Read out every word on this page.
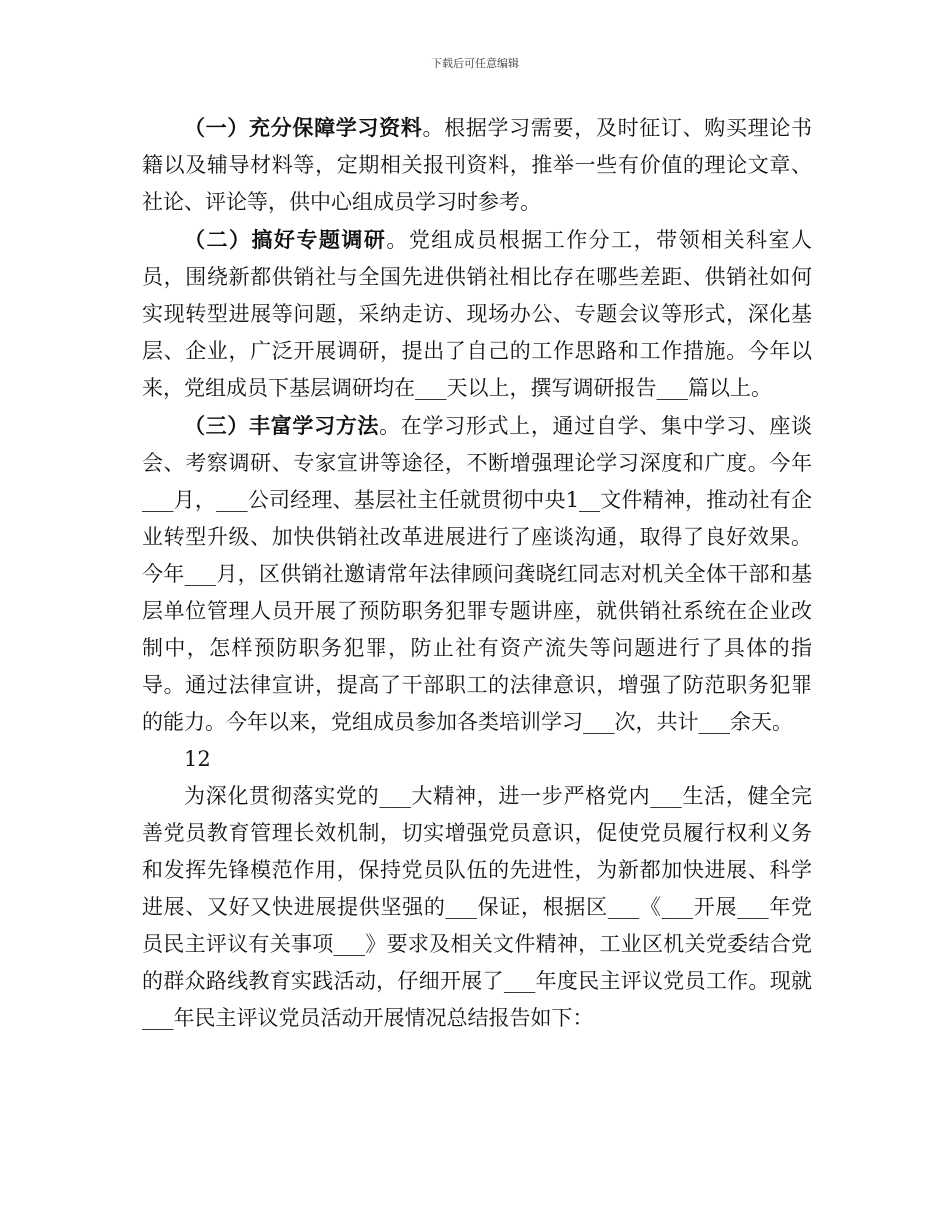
下载后可任意编辑

（一）充分保障学习资料。根据学习需要，及时征订、购买理论书籍以及辅导材料等，定期相关报刊资料，推举一些有价值的理论文章、社论、评论等，供中心组成员学习时参考。

（二）搞好专题调研。党组成员根据工作分工，带领相关科室人员，围绕新都供销社与全国先进供销社相比存在哪些差距、供销社如何实现转型进展等问题，采纳走访、现场办公、专题会议等形式，深化基层、企业，广泛开展调研，提出了自己的工作思路和工作措施。今年以来，党组成员下基层调研均在___天以上，撰写调研报告___篇以上。

（三）丰富学习方法。在学习形式上，通过自学、集中学习、座谈会、考察调研、专家宣讲等途径，不断增强理论学习深度和广度。今年___月，___公司经理、基层社主任就贯彻中央1__文件精神，推动社有企业转型升级、加快供销社改革进展进行了座谈沟通，取得了良好效果。今年___月，区供销社邀请常年法律顾问龚晓红同志对机关全体干部和基层单位管理人员开展了预防职务犯罪专题讲座，就供销社系统在企业改制中，怎样预防职务犯罪，防止社有资产流失等问题进行了具体的指导。通过法律宣讲，提高了干部职工的法律意识，增强了防范职务犯罪的能力。今年以来，党组成员参加各类培训学习___次，共计___余天。

12

为深化贯彻落实党的___大精神，进一步严格党内___生活，健全完善党员教育管理长效机制，切实增强党员意识，促使党员履行权利义务和发挥先锋模范作用，保持党员队伍的先进性，为新都加快进展、科学进展、又好又快进展提供坚强的___保证，根据区___《___开展___年党员民主评议有关事项___》要求及相关文件精神，工业区机关党委结合党的群众路线教育实践活动，仔细开展了___年度民主评议党员工作。现就___年民主评议党员活动开展情况总结报告如下：
